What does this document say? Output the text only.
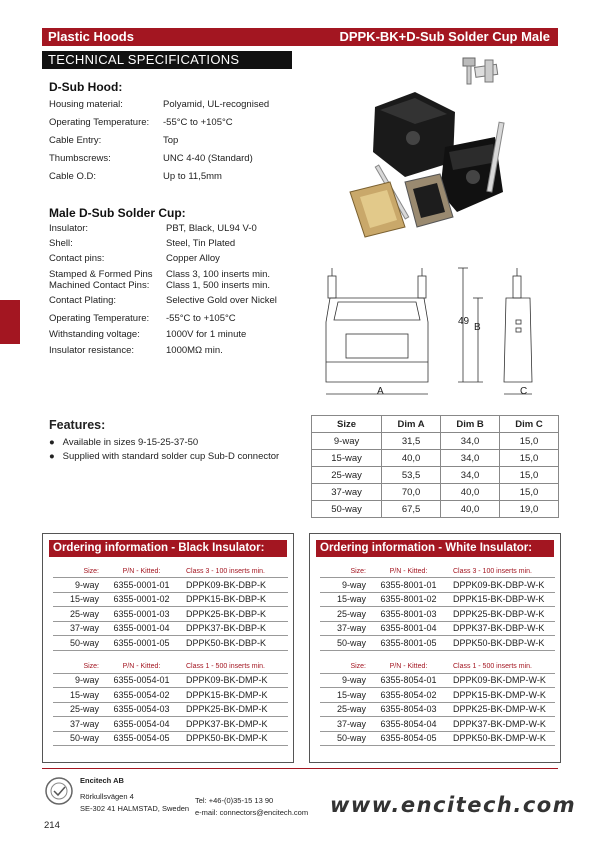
Plastic Hoods	DPPK-BK+D-Sub Solder Cup Male
TECHNICAL SPECIFICATIONS
D-Sub Hood:
Housing material:	Polyamid, UL-recognised
Operating Temperature: -55°C to +105°C
Cable Entry:	Top
Thumbscrews:	UNC 4-40 (Standard)
Cable O.D:	Up to 11,5mm
Male D-Sub Solder Cup:
Insulator:	PBT, Black, UL94 V-0
Shell:	Steel, Tin Plated
Contact pins:	Copper Alloy
Stamped & Formed Pins Class 3, 100 inserts min.
Machined Contact Pins: Class 1, 500 inserts min.
Contact Plating:	Selective Gold over Nickel
Operating Temperature: -55°C to +105°C
Withstanding voltage:	1000V for 1 minute
Insulator resistance:	1000MΩ min.
49
B
A	C
Features:
● Available in sizes 9-15-25-37-50
● Supplied with standard solder cup Sub-D connector
Size	Dim A	Dim B	Dim C
9-way	31,5	34,0	15,0
15-way	40,0	34,0	15,0
25-way	53,5	34,0	15,0
37-way	70,0	40,0	15,0
50-way	67,5	40,0	19,0
Ordering information - Black Insulator:
Size:	P/N - Kitted:	Class 3 - 100 inserts min.
9-way	6355-0001-01	DPPK09-BK-DBP-K
15-way	6355-0001-02	DPPK15-BK-DBP-K
25-way	6355-0001-03	DPPK25-BK-DBP-K
37-way	6355-0001-04	DPPK37-BK-DBP-K
50-way	6355-0001-05	DPPK50-BK-DBP-K
Size:	P/N - Kitted:	Class 1 - 500 inserts min.
9-way	6355-0054-01	DPPK09-BK-DMP-K
15-way	6355-0054-02	DPPK15-BK-DMP-K
25-way	6355-0054-03	DPPK25-BK-DMP-K
37-way	6355-0054-04	DPPK37-BK-DMP-K
50-way	6355-0054-05	DPPK50-BK-DMP-K
Ordering information - White Insulator:
Size:	P/N - Kitted:	Class 3 - 100 inserts min.
9-way	6355-8001-01	DPPK09-BK-DBP-W-K
15-way	6355-8001-02	DPPK15-BK-DBP-W-K
25-way	6355-8001-03	DPPK25-BK-DBP-W-K
37-way	6355-8001-04	DPPK37-BK-DBP-W-K
50-way	6355-8001-05	DPPK50-BK-DBP-W-K
Size:	P/N - Kitted:	Class 1 - 500 inserts min.
9-way	6355-8054-01	DPPK09-BK-DMP-W-K
15-way	6355-8054-02	DPPK15-BK-DMP-W-K
25-way	6355-8054-03	DPPK25-BK-DMP-W-K
37-way	6355-8054-04	DPPK37-BK-DMP-W-K
50-way	6355-8054-05	DPPK50-BK-DMP-W-K
Encitech AB
Rörkullsvägen 4
SE-302 41 HALMSTAD, Sweden
Tel: +46-(0)35-15 13 90
e-mail: connectors@encitech.com www.encitech.com
214
